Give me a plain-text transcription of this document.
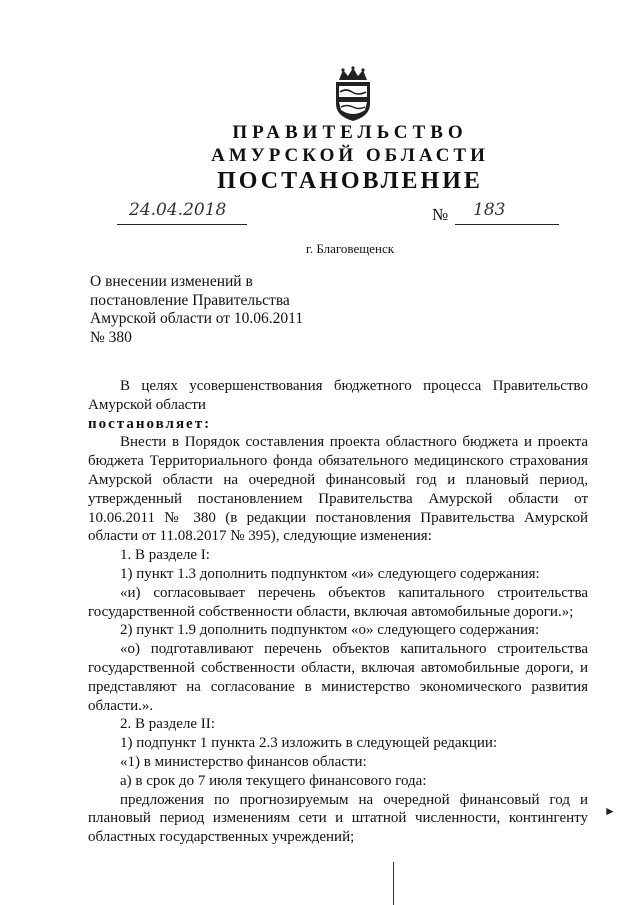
ПРАВИТЕЛЬСТВО
АМУРСКОЙ ОБЛАСТИ
ПОСТАНОВЛЕНИЕ
24.04.2018	№ 183
г. Благовещенск
О внесении изменений в
постановление Правительства
Амурской области от 10.06.2011
№ 380

В целях усовершенствования бюджетного процесса Правительство Амурской области

постановляет:

Внести в Порядок составления проекта областного бюджета и проекта бюджета Территориального фонда обязательного медицинского страхования Амурской области на очередной финансовый год и плановый период, утвержденный постановлением Правительства Амурской области от 10.06.2011 № 380 (в редакции постановления Правительства Амурской области от 11.08.2017 № 395), следующие изменения:

1. В разделе I:

1) пункт 1.3 дополнить подпунктом «и» следующего содержания:

«и) согласовывает перечень объектов капитального строительства государственной собственности области, включая автомобильные дороги.»;

2) пункт 1.9 дополнить подпунктом «о» следующего содержания:

«о) подготавливают перечень объектов капитального строительства государственной собственности области, включая автомобильные дороги, и представляют на согласование в министерство экономического развития области.».

2. В разделе II:

1) подпункт 1 пункта 2.3 изложить в следующей редакции:

«1) в министерство финансов области:

а) в срок до 7 июля текущего финансового года:

предложения по прогнозируемым на очередной финансовый год и плановый период изменениям сети и штатной численности, контингенту областных государственных учреждений;

►
